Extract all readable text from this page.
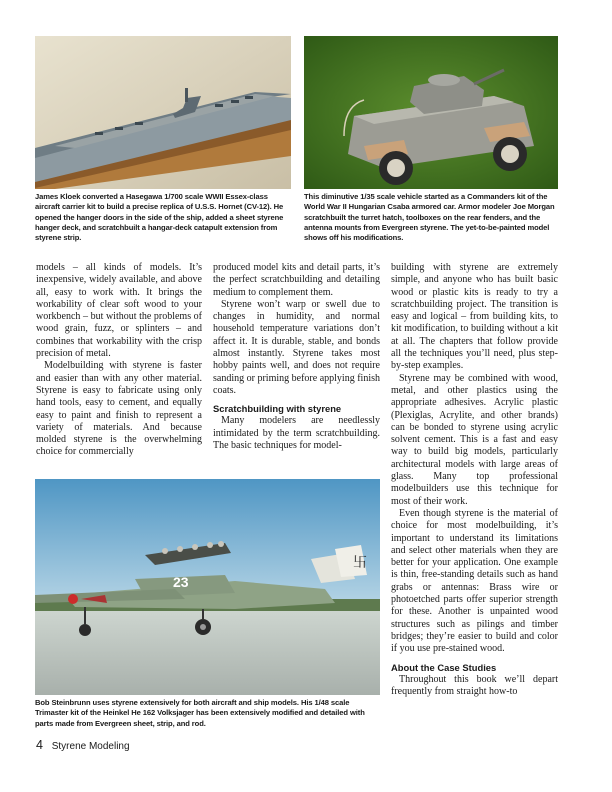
James Kloek converted a Hasegawa 1/700 scale WWII Essex-class aircraft carrier kit to build a precise replica of U.S.S. Hornet (CV-12). He opened the hanger doors in the side of the ship, added a sheet styrene hanger deck, and scratchbuilt a hangar-deck catapult extension from styrene strip.

This diminutive 1/35 scale vehicle started as a Commanders kit of the World War II Hungarian Csaba armored car. Armor modeler Joe Morgan scratchbuilt the turret hatch, toolboxes on the rear fenders, and the antenna mounts from Evergreen styrene. The yet-to-be-painted model shows off his modifications.

models – all kinds of models. It’s inexpensive, widely available, and above all, easy to work with. It brings the workability of clear soft wood to your workbench – but without the problems of wood grain, fuzz, or splinters – and combines that workability with the crisp precision of metal.

Modelbuilding with styrene is faster and easier than with any other material. Styrene is easy to fabricate using only hand tools, easy to cement, and equally easy to paint and finish to represent a variety of materials. And because molded styrene is the overwhelming choice for commercially

produced model kits and detail parts, it’s the perfect scratchbuilding and detailing medium to complement them.

Styrene won’t warp or swell due to changes in humidity, and normal household temperature variations don’t affect it. It is durable, stable, and bonds almost instantly. Styrene takes most hobby paints well, and does not require sanding or priming before applying finish coats.

Scratchbuilding with styrene

Many modelers are needlessly intimidated by the term scratchbuilding. The basic techniques for model-

building with styrene are extremely simple, and anyone who has built basic wood or plastic kits is ready to try a scratchbuilding project. The transition is easy and logical – from building kits, to kit modification, to building without a kit at all. The chapters that follow provide all the techniques you’ll need, plus step-by-step examples.

Styrene may be combined with wood, metal, and other plastics using the appropriate adhesives. Acrylic plastic (Plexiglas, Acrylite, and other brands) can be bonded to styrene using acrylic solvent cement. This is a fast and easy way to build big models, particularly architectural models with large areas of glass. Many top professional modelbuilders use this technique for most of their work.

Even though styrene is the material of choice for most modelbuilding, it’s important to understand its limitations and select other materials when they are better for your application. One example is thin, free-standing details such as hand grabs or antennas: Brass wire or photoetched parts offer superior strength for these. Another is unpainted wood structures such as pilings and timber bridges; they’re easier to build and color if you use pre-stained wood.

About the Case Studies

Throughout this book we’ll depart frequently from straight how-to

卐
23

Bob Steinbrunn uses styrene extensively for both aircraft and ship models. His 1/48 scale Trimaster kit of the Heinkel He 162 Volksjager has been extensively modified and detailed with parts made from Evergreen sheet, strip, and rod.

4 Styrene Modeling
